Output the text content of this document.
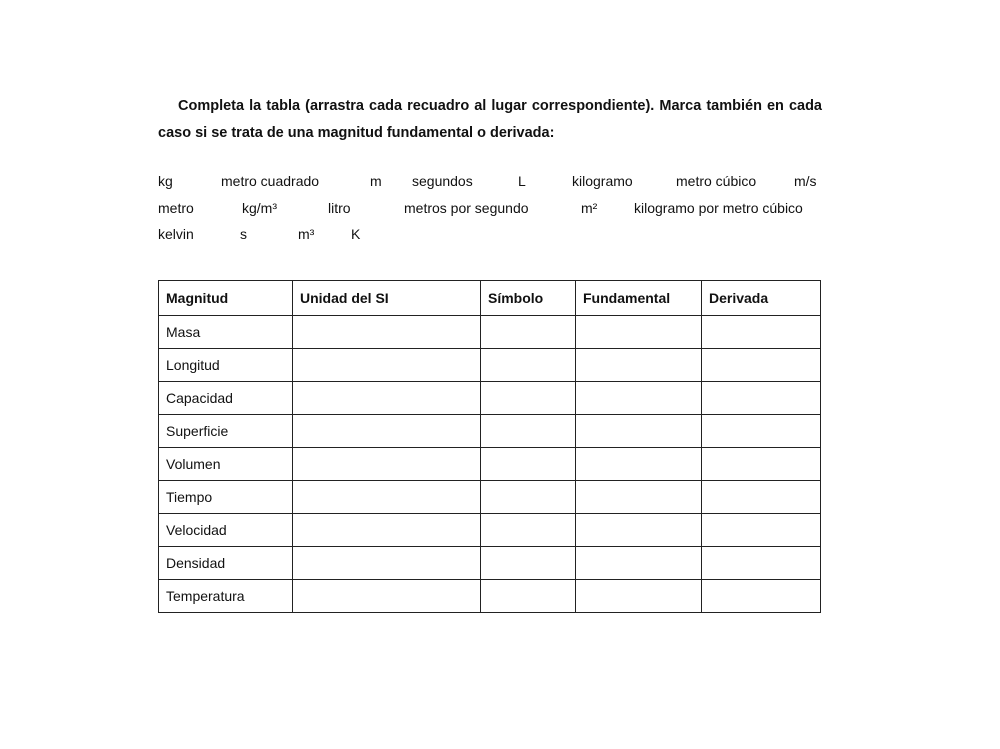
Completa la tabla (arrastra cada recuadro al lugar correspondiente). Marca también en cada caso si se trata de una magnitud fundamental o derivada:
kg	metro cuadrado	m segundos	L	kilogramo	metro cúbico	m/s
metro	kg/m³	litro	metros por segundo	m²	kilogramo por metro cúbico
kelvin	s	m³	K
Magnitud	Unidad del SI	Símbolo	Fundamental	Derivada
Masa				
Longitud				
Capacidad				
Superficie				
Volumen				
Tiempo				
Velocidad				
Densidad				
Temperatura				
